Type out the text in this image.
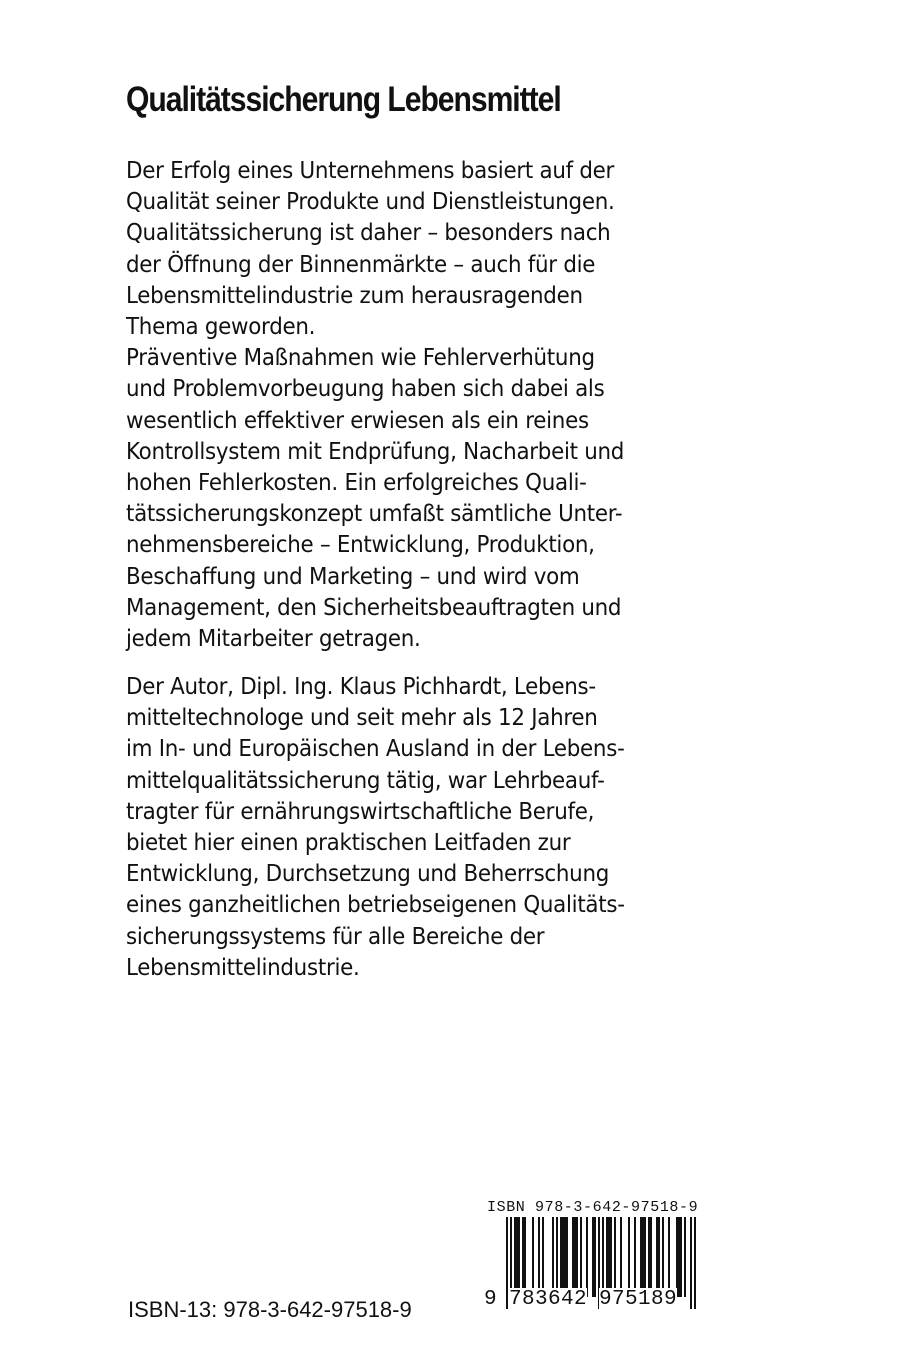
Qualitätssicherung Lebensmittel
Der Erfolg eines Unternehmens basiert auf der
Qualität seiner Produkte und Dienstleistungen.
Qualitätssicherung ist daher – besonders nach
der Öffnung der Binnenmärkte – auch für die
Lebensmittelindustrie zum herausragenden
Thema geworden.
Präventive Maßnahmen wie Fehlerverhütung
und Problemvorbeugung haben sich dabei als
wesentlich effektiver erwiesen als ein reines
Kontrollsystem mit Endprüfung, Nacharbeit und
hohen Fehlerkosten. Ein erfolgreiches Quali-
tätssicherungskonzept umfaßt sämtliche Unter-
nehmensbereiche – Entwicklung, Produktion,
Beschaffung und Marketing – und wird vom
Management, den Sicherheitsbeauftragten und
jedem Mitarbeiter getragen.
Der Autor, Dipl. Ing. Klaus Pichhardt, Lebens-
mitteltechnologe und seit mehr als 12 Jahren
im In- und Europäischen Ausland in der Lebens-
mittelqualitätssicherung tätig, war Lehrbeauf-
tragter für ernährungswirtschaftliche Berufe,
bietet hier einen praktischen Leitfaden zur
Entwicklung, Durchsetzung und Beherrschung
eines ganzheitlichen betriebseigenen Qualitäts-
sicherungssystems für alle Bereiche der
Lebensmittelindustrie.
ISBN-13: 978-3-642-97518-9
ISBN 978-3-642-97518-9
9 783642 975189
